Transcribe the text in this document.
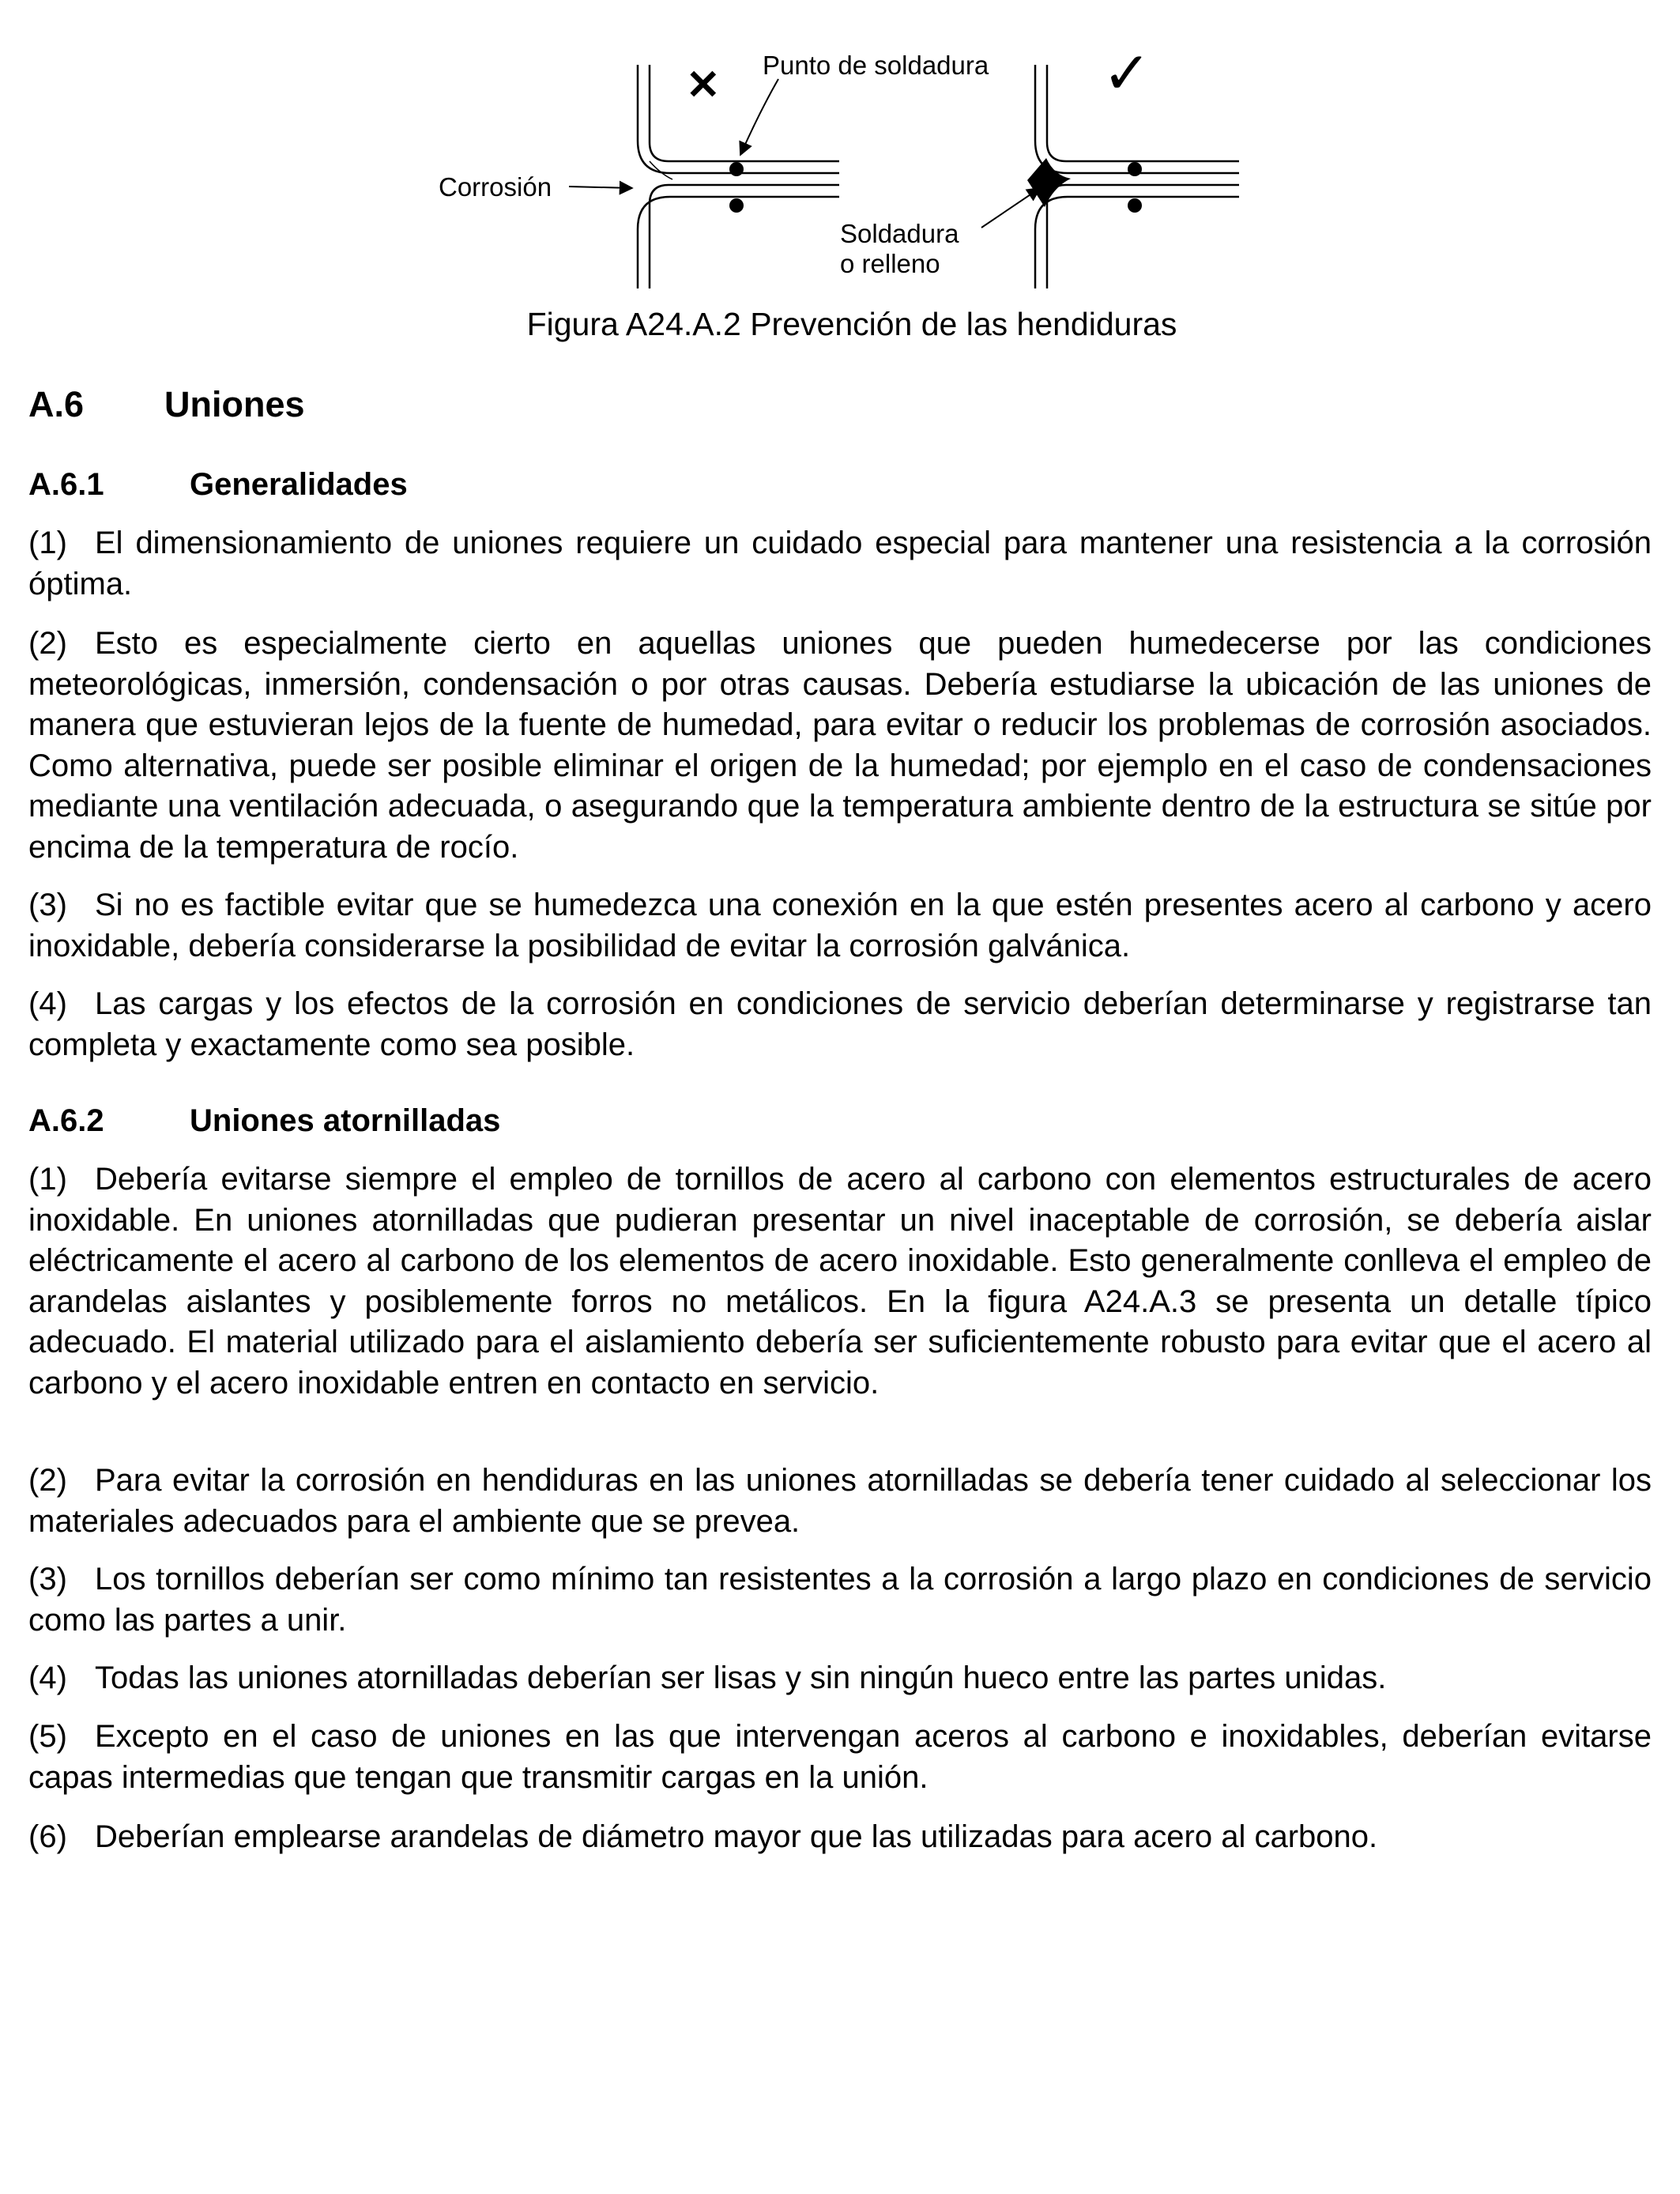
✕	✓
Punto de soldadura
Corrosión
Soldadura
o relleno
Figura A24.A.2 Prevención de las hendiduras
A.6 Uniones
A.6.1	Generalidades

(1) El dimensionamiento de uniones requiere un cuidado especial para mantener una resistencia a la corrosión óptima.

(2) Esto es especialmente cierto en aquellas uniones que pueden humedecerse por las condiciones meteorológicas, inmersión, condensación o por otras causas. Debería estudiarse la ubicación de las uniones de manera que estuvieran lejos de la fuente de humedad, para evitar o reducir los problemas de corrosión asociados. Como alternativa, puede ser posible eliminar el origen de la humedad; por ejemplo en el caso de condensaciones mediante una ventilación adecuada, o asegurando que la temperatura ambiente dentro de la estructura se sitúe por encima de la temperatura de rocío.

(3) Si no es factible evitar que se humedezca una conexión en la que estén presentes acero al carbono y acero inoxidable, debería considerarse la posibilidad de evitar la corrosión galvánica.

(4) Las cargas y los efectos de la corrosión en condiciones de servicio deberían determinarse y registrarse tan completa y exactamente como sea posible.

A.6.2	Uniones atornilladas

(1) Debería evitarse siempre el empleo de tornillos de acero al carbono con elementos estructurales de acero inoxidable. En uniones atornilladas que pudieran presentar un nivel inaceptable de corrosión, se debería aislar eléctricamente el acero al carbono de los elementos de acero inoxidable. Esto generalmente conlleva el empleo de arandelas aislantes y posiblemente forros no metálicos. En la figura A24.A.3 se presenta un detalle típico adecuado. El material utilizado para el aislamiento debería ser suficientemente robusto para evitar que el acero al carbono y el acero inoxidable entren en contacto en servicio.

(2) Para evitar la corrosión en hendiduras en las uniones atornilladas se debería tener cuidado al seleccionar los materiales adecuados para el ambiente que se prevea.

(3) Los tornillos deberían ser como mínimo tan resistentes a la corrosión a largo plazo en condiciones de servicio como las partes a unir.

(4) Todas las uniones atornilladas deberían ser lisas y sin ningún hueco entre las partes unidas.

(5) Excepto en el caso de uniones en las que intervengan aceros al carbono e inoxidables, deberían evitarse capas intermedias que tengan que transmitir cargas en la unión.

(6) Deberían emplearse arandelas de diámetro mayor que las utilizadas para acero al carbono.
